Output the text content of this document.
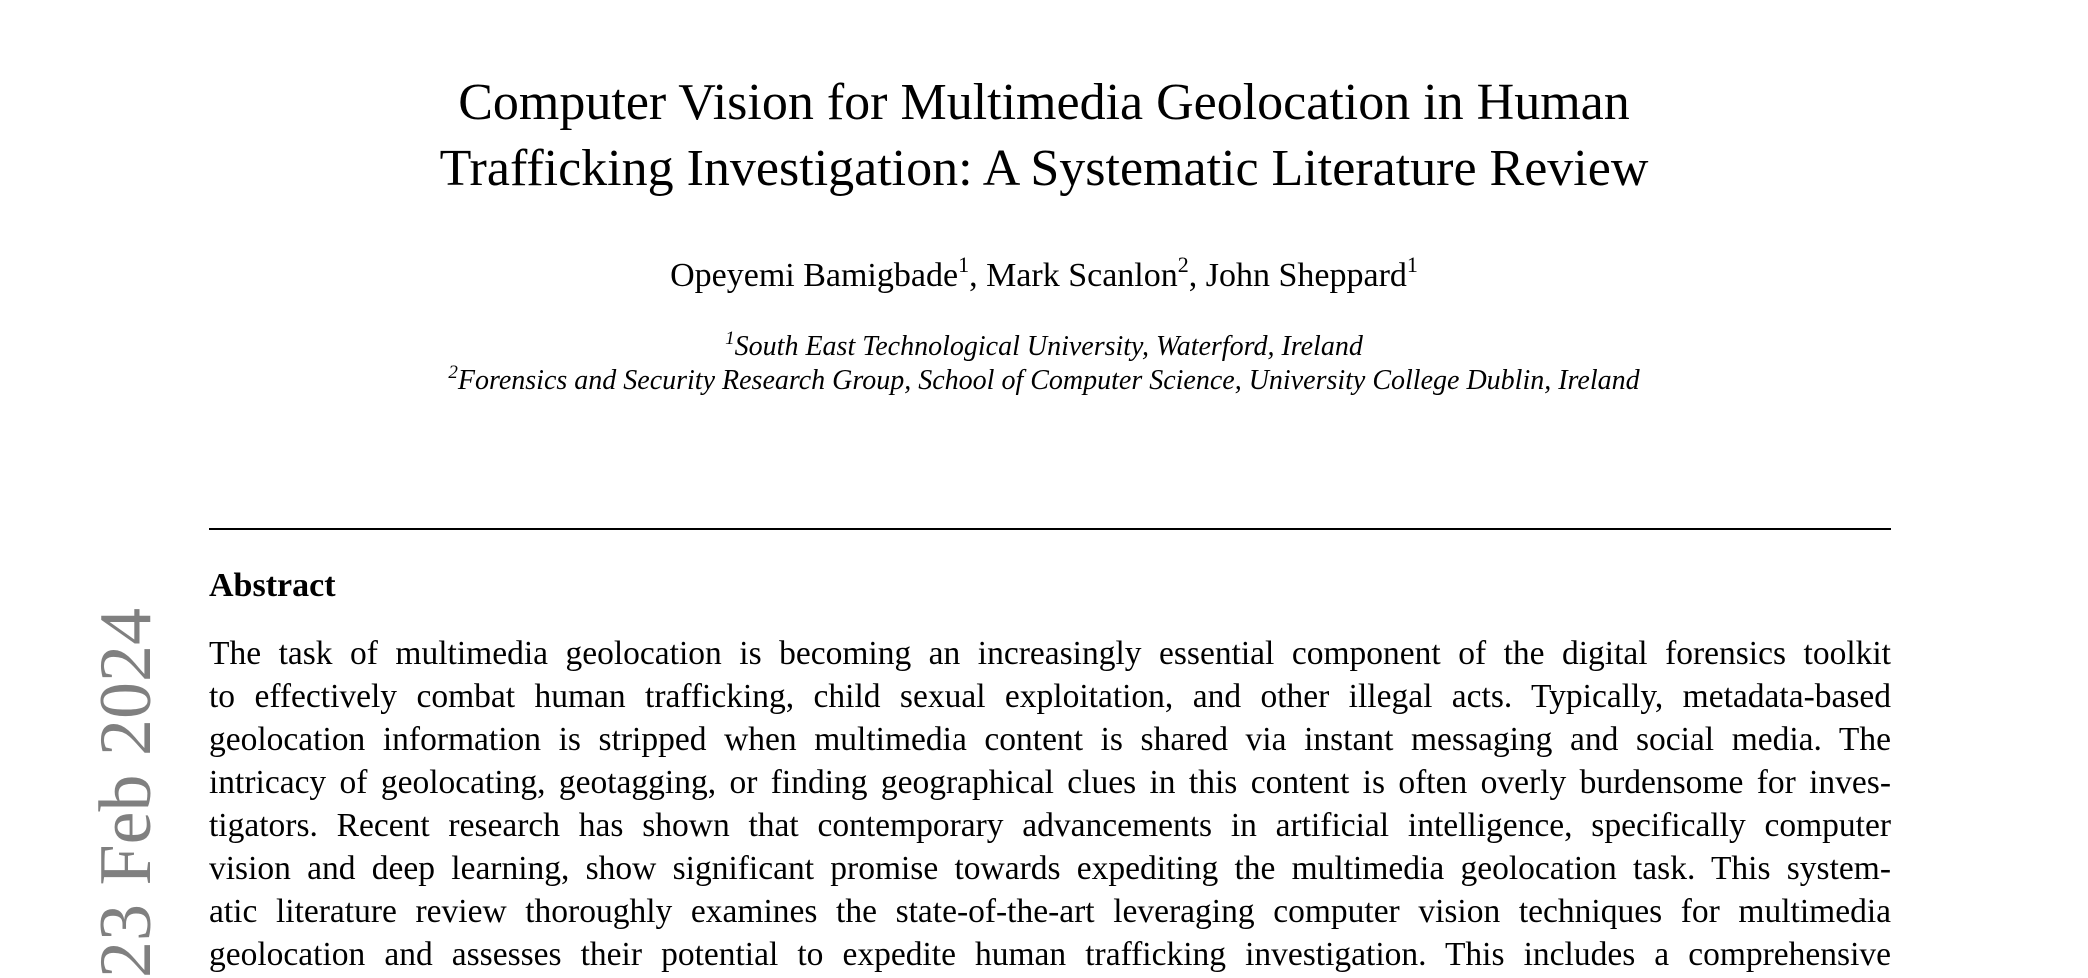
23 Feb 2024
Computer Vision for Multimedia Geolocation in Human
Trafficking Investigation: A Systematic Literature Review
Opeyemi Bamigbade$^1$, Mark Scanlon$^2$, John Sheppard$^1$
$^1$South East Technological University, Waterford, Ireland
$^2$Forensics and Security Research Group, School of Computer Science, University College Dublin, Ireland
Abstract
The task of multimedia geolocation is becoming an increasingly essential component of the digital forensics toolkit
to effectively combat human trafficking, child sexual exploitation, and other illegal acts. Typically, metadata-based
geolocation information is stripped when multimedia content is shared via instant messaging and social media. The
intricacy of geolocating, geotagging, or finding geographical clues in this content is often overly burdensome for inves-
tigators. Recent research has shown that contemporary advancements in artificial intelligence, specifically computer
vision and deep learning, show significant promise towards expediting the multimedia geolocation task. This system-
atic literature review thoroughly examines the state-of-the-art leveraging computer vision techniques for multimedia
geolocation and assesses their potential to expedite human trafficking investigation. This includes a comprehensive
